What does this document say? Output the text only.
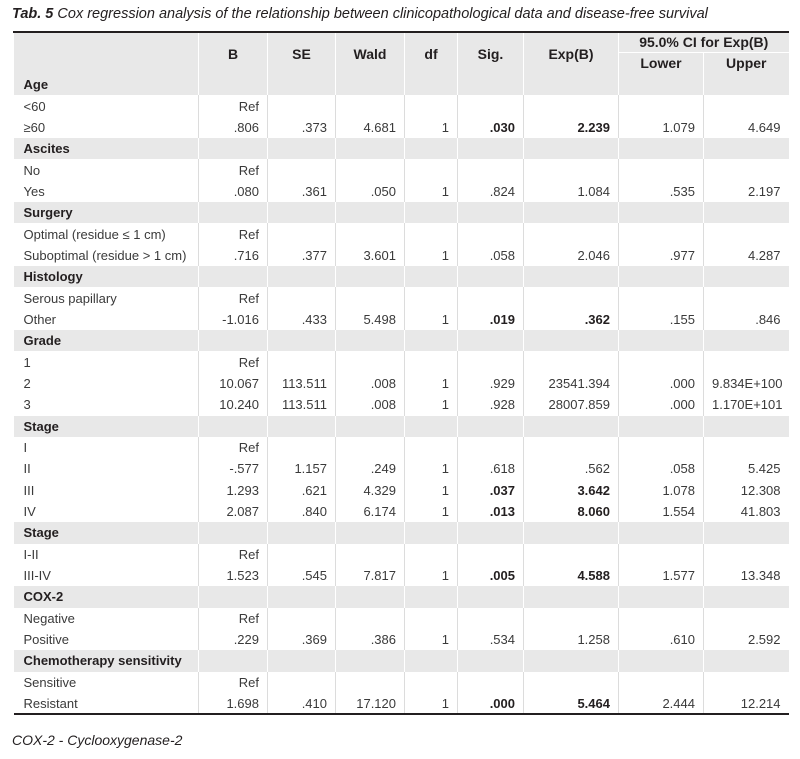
Tab. 5 Cox regression analysis of the relationship between clinicopathological data and disease-free survival
	B	SE	Wald	df	Sig.	Exp(B)	95.0% CI for Exp(B)	
							Lower	Upper
Age								
<60	Ref							
≥60	.806	.373	4.681	1	.030	2.239	1.079	4.649
Ascites								
No	Ref							
Yes	.080	.361	.050	1	.824	1.084	.535	2.197
Surgery								
Optimal (residue ≤ 1 cm)	Ref							
Suboptimal (residue > 1 cm)	.716	.377	3.601	1	.058	2.046	.977	4.287
Histology								
Serous papillary	Ref							
Other	-1.016	.433	5.498	1	.019	.362	.155	.846
Grade								
1	Ref							
2	10.067	113.511	.008	1	.929	23541.394	.000	9.834E+100
3	10.240	113.511	.008	1	.928	28007.859	.000	1.170E+101
Stage								
I	Ref							
II	-.577	1.157	.249	1	.618	.562	.058	5.425
III	1.293	.621	4.329	1	.037	3.642	1.078	12.308
IV	2.087	.840	6.174	1	.013	8.060	1.554	41.803
Stage								
I-II	Ref							
III-IV	1.523	.545	7.817	1	.005	4.588	1.577	13.348
COX-2								
Negative	Ref							
Positive	.229	.369	.386	1	.534	1.258	.610	2.592
Chemotherapy sensitivity								
Sensitive	Ref							
Resistant	1.698	.410	17.120	1	.000	5.464	2.444	12.214
COX-2 - Cyclooxygenase-2
